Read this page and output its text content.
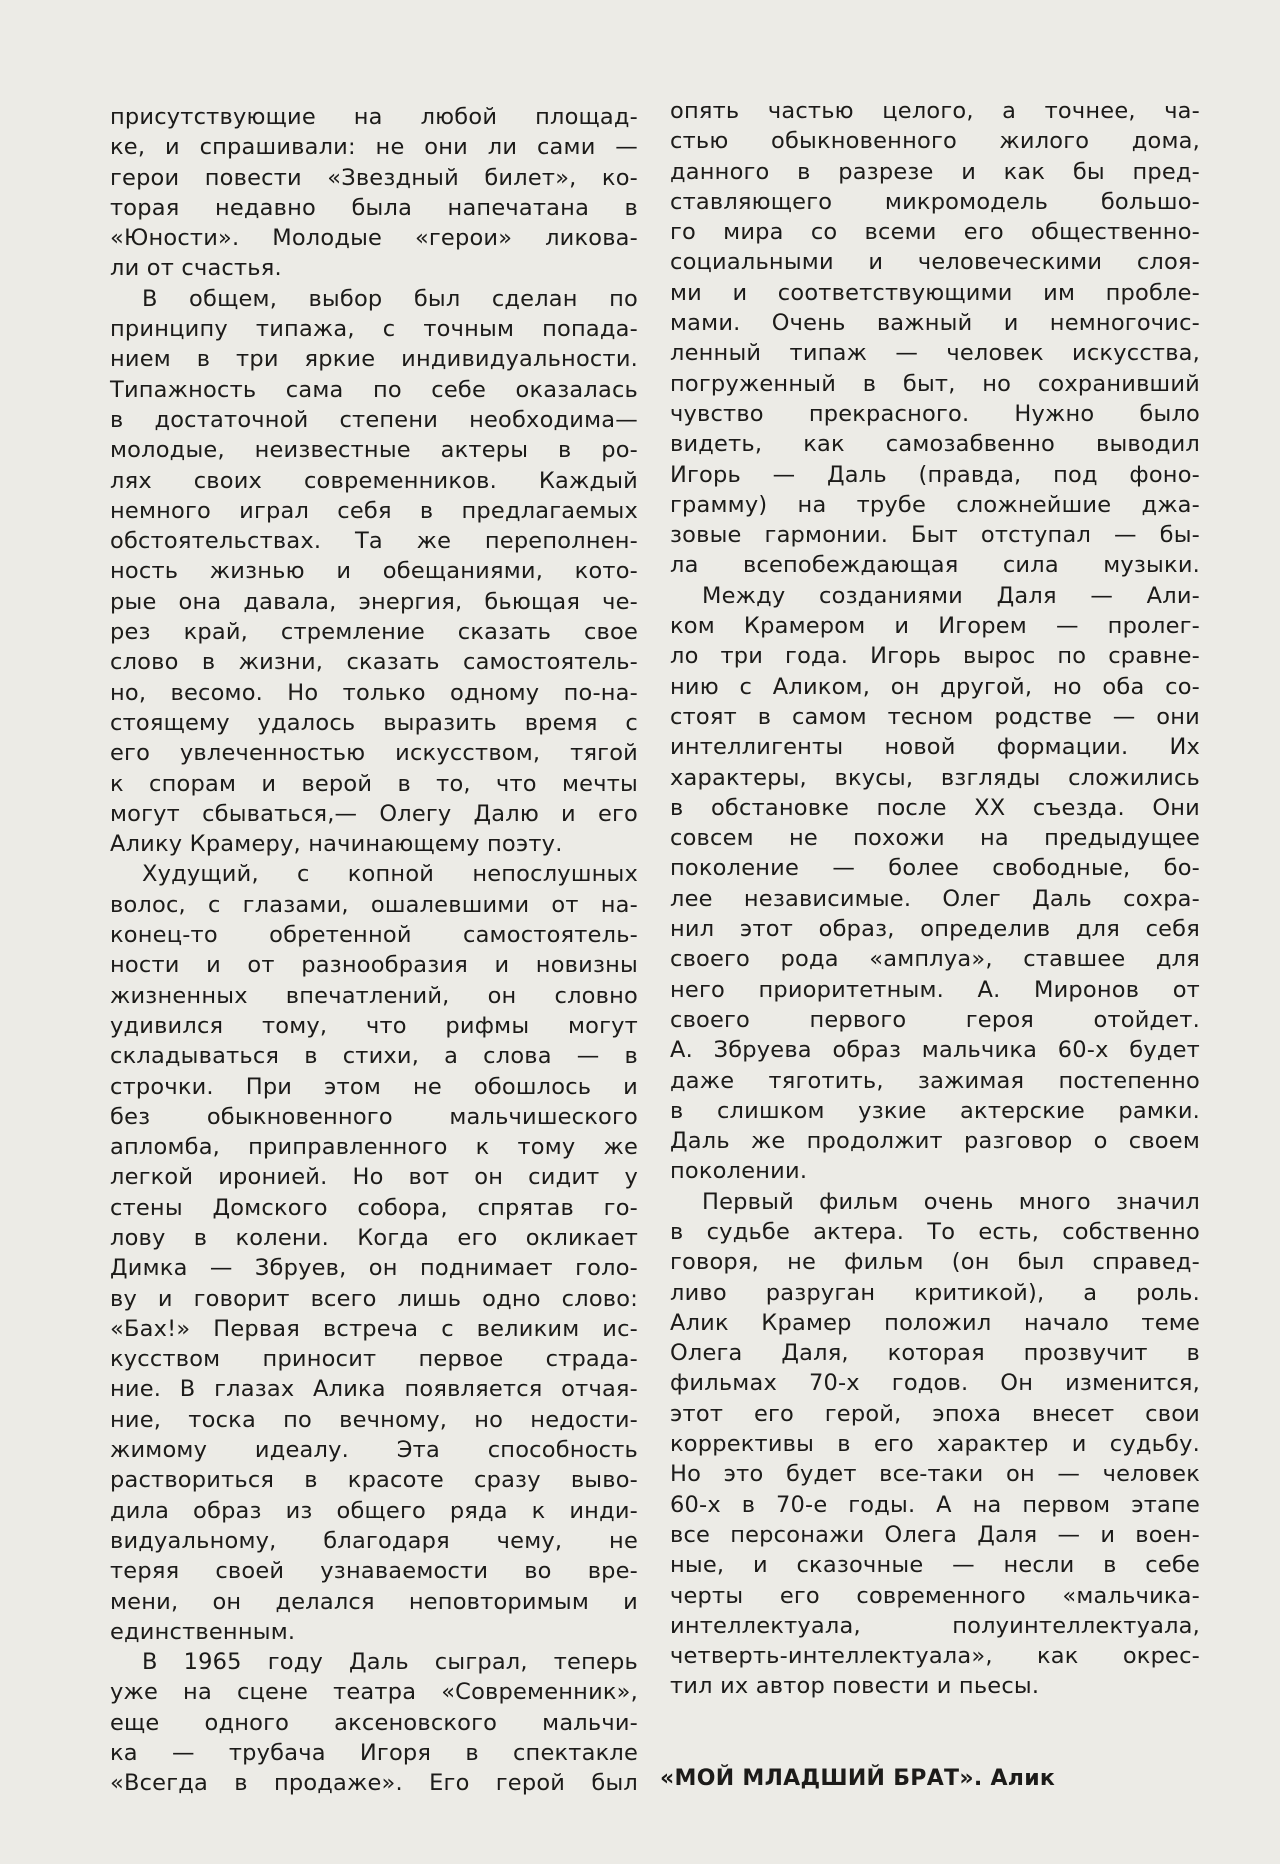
присутствующие на любой площад-
ке, и спрашивали: не они ли сами —
герои повести «Звездный билет», ко-
торая недавно была напечатана в
«Юности». Молодые «герои» ликова-
ли от счастья.
В общем, выбор был сделан по
принципу типажа, с точным попада-
нием в три яркие индивидуальности.
Типажность сама по себе оказалась
в достаточной степени необходима—
молодые, неизвестные актеры в ро-
лях своих современников. Каждый
немного играл себя в предлагаемых
обстоятельствах. Та же переполнен-
ность жизнью и обещаниями, кото-
рые она давала, энергия, бьющая че-
рез край, стремление сказать свое
слово в жизни, сказать самостоятель-
но, весомо. Но только одному по-на-
стоящему удалось выразить время с
его увлеченностью искусством, тягой
к спорам и верой в то, что мечты
могут сбываться,— Олегу Далю и его
Алику Крамеру, начинающему поэту.
Худущий, с копной непослушных
волос, с глазами, ошалевшими от на-
конец-то обретенной самостоятель-
ности и от разнообразия и новизны
жизненных впечатлений, он словно
удивился тому, что рифмы могут
складываться в стихи, а слова — в
строчки. При этом не обошлось и
без обыкновенного мальчишеского
апломба, приправленного к тому же
легкой иронией. Но вот он сидит у
стены Домского собора, спрятав го-
лову в колени. Когда его окликает
Димка — Збруев, он поднимает голо-
ву и говорит всего лишь одно слово:
«Бах!» Первая встреча с великим ис-
кусством приносит первое страда-
ние. В глазах Алика появляется отчая-
ние, тоска по вечному, но недости-
жимому идеалу. Эта способность
раствориться в красоте сразу выво-
дила образ из общего ряда к инди-
видуальному, благодаря чему, не
теряя своей узнаваемости во вре-
мени, он делался неповторимым и
единственным.
В 1965 году Даль сыграл, теперь
уже на сцене театра «Современник»,
еще одного аксеновского мальчи-
ка — трубача Игоря в спектакле
«Всегда в продаже». Его герой был
опять частью целого, а точнее, ча-
стью обыкновенного жилого дома,
данного в разрезе и как бы пред-
ставляющего микромодель большо-
го мира со всеми его общественно-
социальными и человеческими слоя-
ми и соответствующими им пробле-
мами. Очень важный и немногочис-
ленный типаж — человек искусства,
погруженный в быт, но сохранивший
чувство прекрасного. Нужно было
видеть, как самозабвенно выводил
Игорь — Даль (правда, под фоно-
грамму) на трубе сложнейшие джа-
зовые гармонии. Быт отступал — бы-
ла всепобеждающая сила музыки.
Между созданиями Даля — Али-
ком Крамером и Игорем — пролег-
ло три года. Игорь вырос по сравне-
нию с Аликом, он другой, но оба со-
стоят в самом тесном родстве — они
интеллигенты новой формации. Их
характеры, вкусы, взгляды сложились
в обстановке после XX съезда. Они
совсем не похожи на предыдущее
поколение — более свободные, бо-
лее независимые. Олег Даль сохра-
нил этот образ, определив для себя
своего рода «амплуа», ставшее для
него приоритетным. А. Миронов от
своего первого героя отойдет.
А. Збруева образ мальчика 60-х будет
даже тяготить, зажимая постепенно
в слишком узкие актерские рамки.
Даль же продолжит разговор о своем
поколении.
Первый фильм очень много значил
в судьбе актера. То есть, собственно
говоря, не фильм (он был справед-
ливо разруган критикой), а роль.
Алик Крамер положил начало теме
Олега Даля, которая прозвучит в
фильмах 70-х годов. Он изменится,
этот его герой, эпоха внесет свои
коррективы в его характер и судьбу.
Но это будет все-таки он — человек
60-х в 70-е годы. А на первом этапе
все персонажи Олега Даля — и воен-
ные, и сказочные — несли в себе
черты его современного «мальчика-
интеллектуала, полуинтеллектуала,
четверть-интеллектуала», как окрес-
тил их автор повести и пьесы.
«МОЙ МЛАДШИЙ БРАТ». Алик
